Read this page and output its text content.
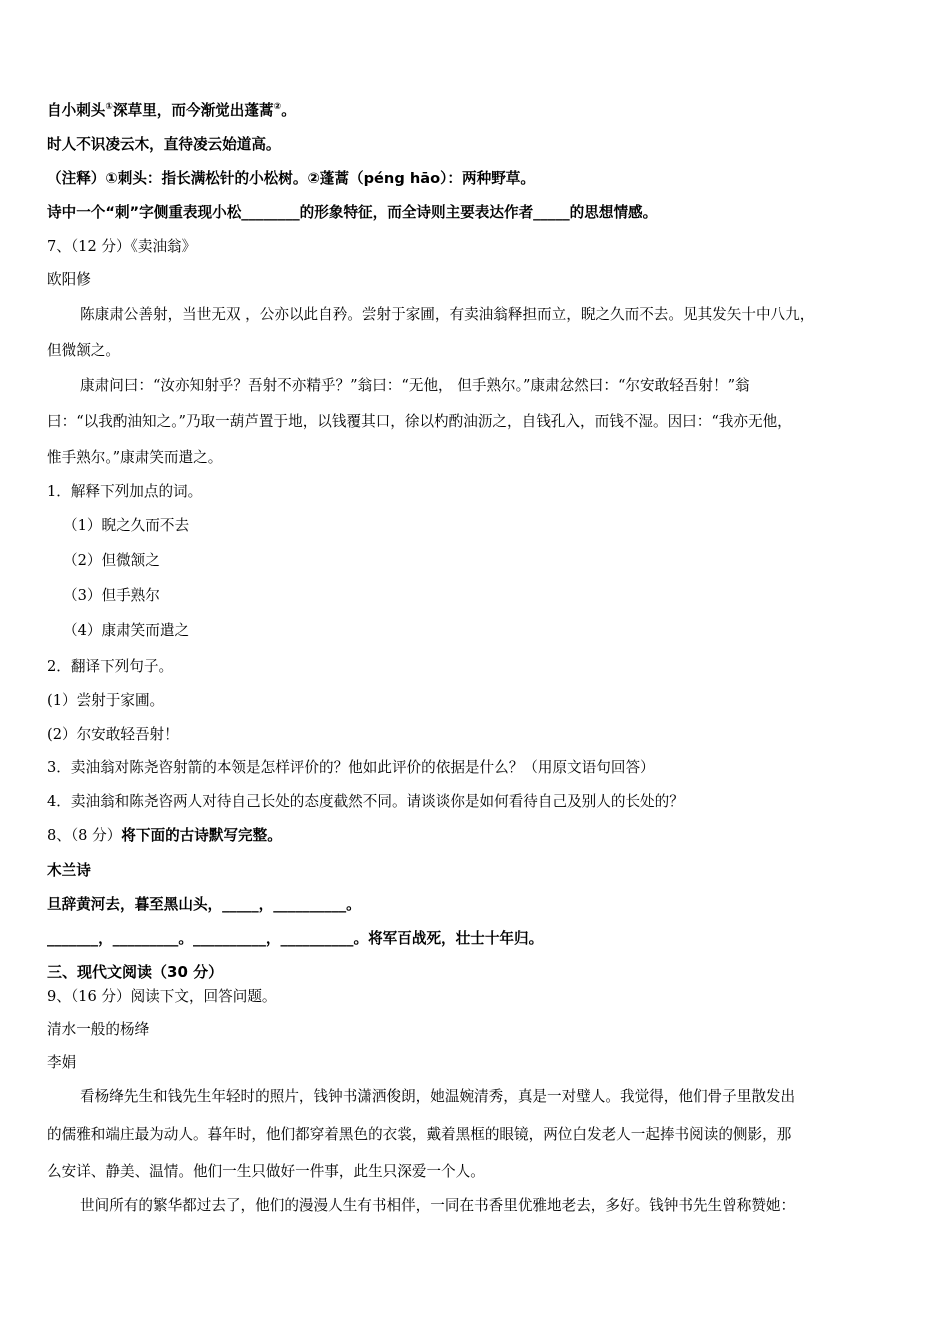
自小刺头①深草里，而今渐觉出蓬蒿②。
时人不识凌云木，直待凌云始道高。
（注释）①刺头：指长满松针的小松树。②蓬蒿（péng hāo）：两种野草。
诗中一个“刺”字侧重表现小松________的形象特征，而全诗则主要表达作者_____的思想情感。
7、（12 分）《卖油翁》
欧阳修
陈康肃公善射，当世无双 ，公亦以此自矜。尝射于家圃，有卖油翁释担而立，睨之久而不去。见其发矢十中八九，
但微颔之。
康肃问曰：“汝亦知射乎？吾射不亦精乎？”翁曰：“无他， 但手熟尔。”康肃忿然曰：“尔安敢轻吾射！”翁
曰：“以我酌油知之。”乃取一葫芦置于地，以钱覆其口，徐以杓酌油沥之，自钱孔入，而钱不湿。因曰：“我亦无他，
惟手熟尔。”康肃笑而遣之。
1．解释下列加点的词。
（1）睨之久而不去
（2）但微颔之
（3）但手熟尔
（4）康肃笑而遣之
2．翻译下列句子。
(1）尝射于家圃。
(2）尔安敢轻吾射！
3．卖油翁对陈尧咨射箭的本领是怎样评价的？他如此评价的依据是什么？（用原文语句回答）
4．卖油翁和陈尧咨两人对待自己长处的态度截然不同。请谈谈你是如何看待自己及别人的长处的？
8、（8 分）将下面的古诗默写完整。
木兰诗
旦辞黄河去，暮至黑山头，_____，__________。
_______，_________。__________，__________。将军百战死，壮士十年归。
三、现代文阅读（30 分）
9、（16 分）阅读下文，回答问题。
清水一般的杨绛
李娟
看杨绛先生和钱先生年轻时的照片，钱钟书潇洒俊朗，她温婉清秀，真是一对璧人。我觉得，他们骨子里散发出
的儒雅和端庄最为动人。暮年时，他们都穿着黑色的衣裳，戴着黑框的眼镜，两位白发老人一起捧书阅读的侧影，那
么安详、静美、温情。他们一生只做好一件事，此生只深爱一个人。
世间所有的繁华都过去了，他们的漫漫人生有书相伴，一同在书香里优雅地老去，多好。钱钟书先生曾称赞她：
